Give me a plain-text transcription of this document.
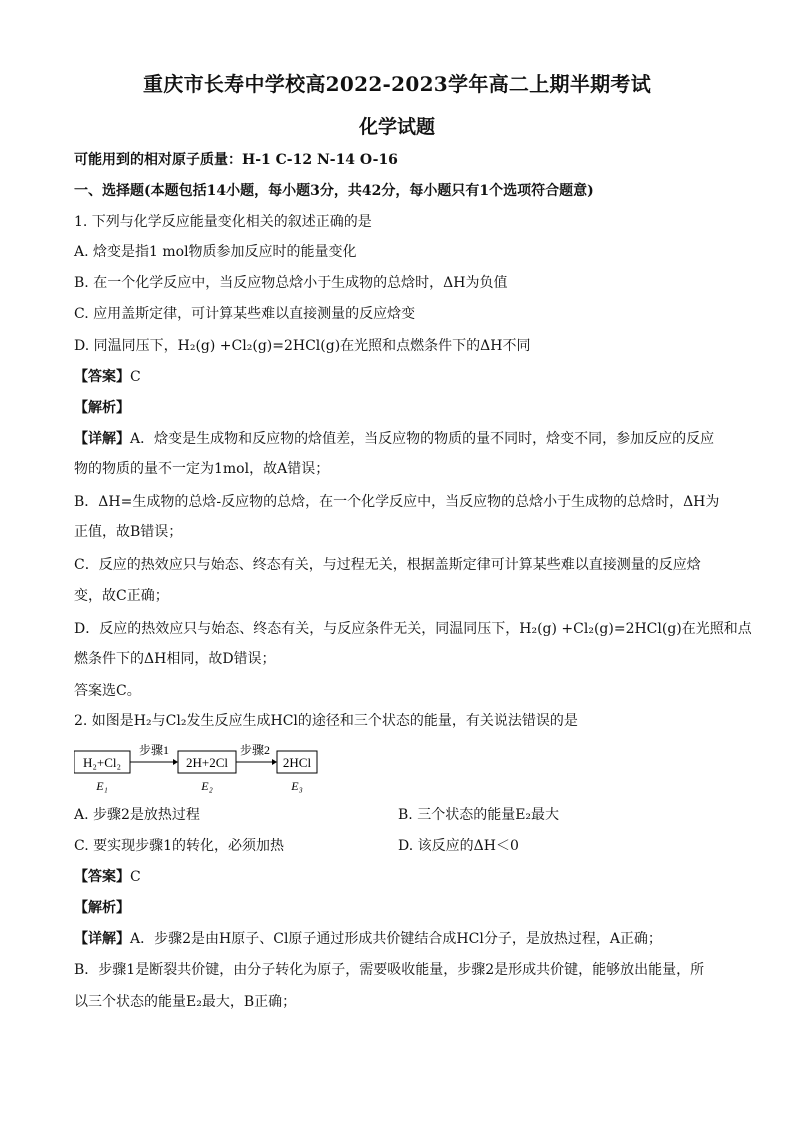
重庆市长寿中学校高2022-2023学年高二上期半期考试
化学试题
可能用到的相对原子质量：H-1 C-12 N-14 O-16
一、选择题(本题包括14小题，每小题3分，共42分，每小题只有1个选项符合题意)
1. 下列与化学反应能量变化相关的叙述正确的是
A. 焓变是指1 mol物质参加反应时的能量变化
B. 在一个化学反应中，当反应物总焓小于生成物的总焓时，ΔH为负值
C. 应用盖斯定律，可计算某些难以直接测量的反应焓变
D. 同温同压下，H₂(g) +Cl₂(g)=2HCl(g)在光照和点燃条件下的ΔH不同
【答案】C
【解析】
【详解】A．焓变是生成物和反应物的焓值差，当反应物的物质的量不同时，焓变不同，参加反应的反应
物的物质的量不一定为1mol，故A错误；
B．ΔH=生成物的总焓-反应物的总焓，在一个化学反应中，当反应物的总焓小于生成物的总焓时，ΔH为
正值，故B错误；
C．反应的热效应只与始态、终态有关，与过程无关，根据盖斯定律可计算某些难以直接测量的反应焓
变，故C正确；
D．反应的热效应只与始态、终态有关，与反应条件无关，同温同压下，H₂(g) +Cl₂(g)=2HCl(g)在光照和点
燃条件下的ΔH相同，故D错误；
答案选C。
2. 如图是H₂与Cl₂发生反应生成HCl的途径和三个状态的能量，有关说法错误的是
H₂+Cl₂
步骤1
2H+2Cl
步骤2
2HCl
E₁	E₂	E₃
A. 步骤2是放热过程	B. 三个状态的能量E₂最大
C. 要实现步骤1的转化，必须加热	D. 该反应的ΔH＜0
【答案】C
【解析】
【详解】A．步骤2是由H原子、Cl原子通过形成共价键结合成HCl分子，是放热过程，A正确；
B．步骤1是断裂共价键，由分子转化为原子，需要吸收能量，步骤2是形成共价键，能够放出能量，所
以三个状态的能量E₂最大，B正确；
